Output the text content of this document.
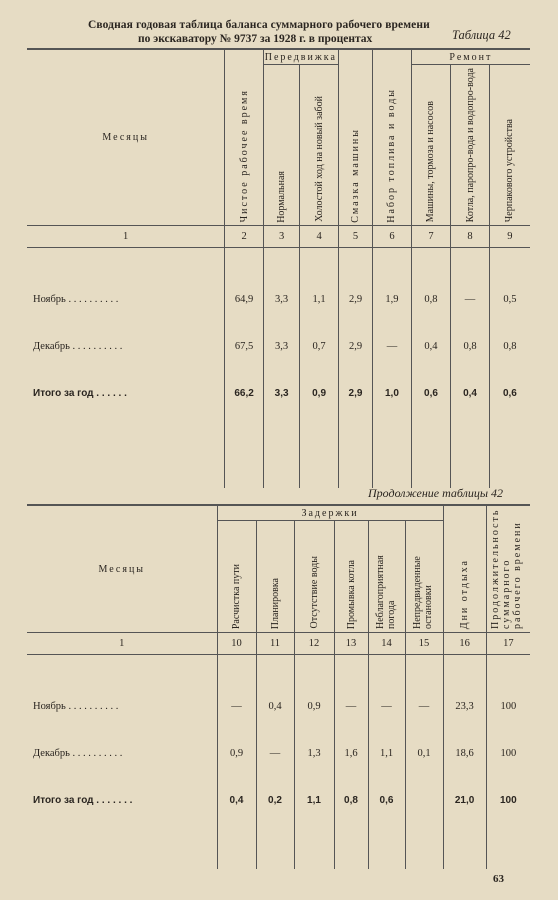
Сводная годовая таблица баланса суммарного рабочего времени
по экскаватору № 9737 за 1928 г. в процентах	Таблица 42
Месяцы	Чистое рабочее время	Передвижка		Смазка машины	Набор топлива и воды	Ремонт		

		Нормальная	Холостой ход на новый забой			Машины, тормоза и насосов	Котла, паропро-вода и водопро-вода	Черпакового устройства

1	2	3	4	5	6	7	8	9

Ноябрь . . . . . . . . . .	64,9	3,3	1,1	2,9	1,9	0,8	—	0,5
Декабрь . . . . . . . . . .	67,5	3,3	0,7	2,9	—	0,4	0,8	0,8
Итого за год . . . . . .	66,2	3,3	0,9	2,9	1,0	0,6	0,4	0,6

Продолжение таблицы 42
Месяцы	Задержки						Дни отдыха	Продолжительность суммарного рабочего времени

	Расчистка пути	Планировка	Отсутствие воды	Промывка котла	Неблагоприятная погода	Непредвиденные остановки		

1	10	11	12	13	14	15	16	17

Ноябрь . . . . . . . . . .	—	0,4	0,9	—	—	—	23,3	100
Декабрь . . . . . . . . . .	0,9	—	1,3	1,6	1,1	0,1	18,6	100
Итого за год . . . . . . .	0,4	0,2	1,1	0,8	0,6		21,0	100

63
